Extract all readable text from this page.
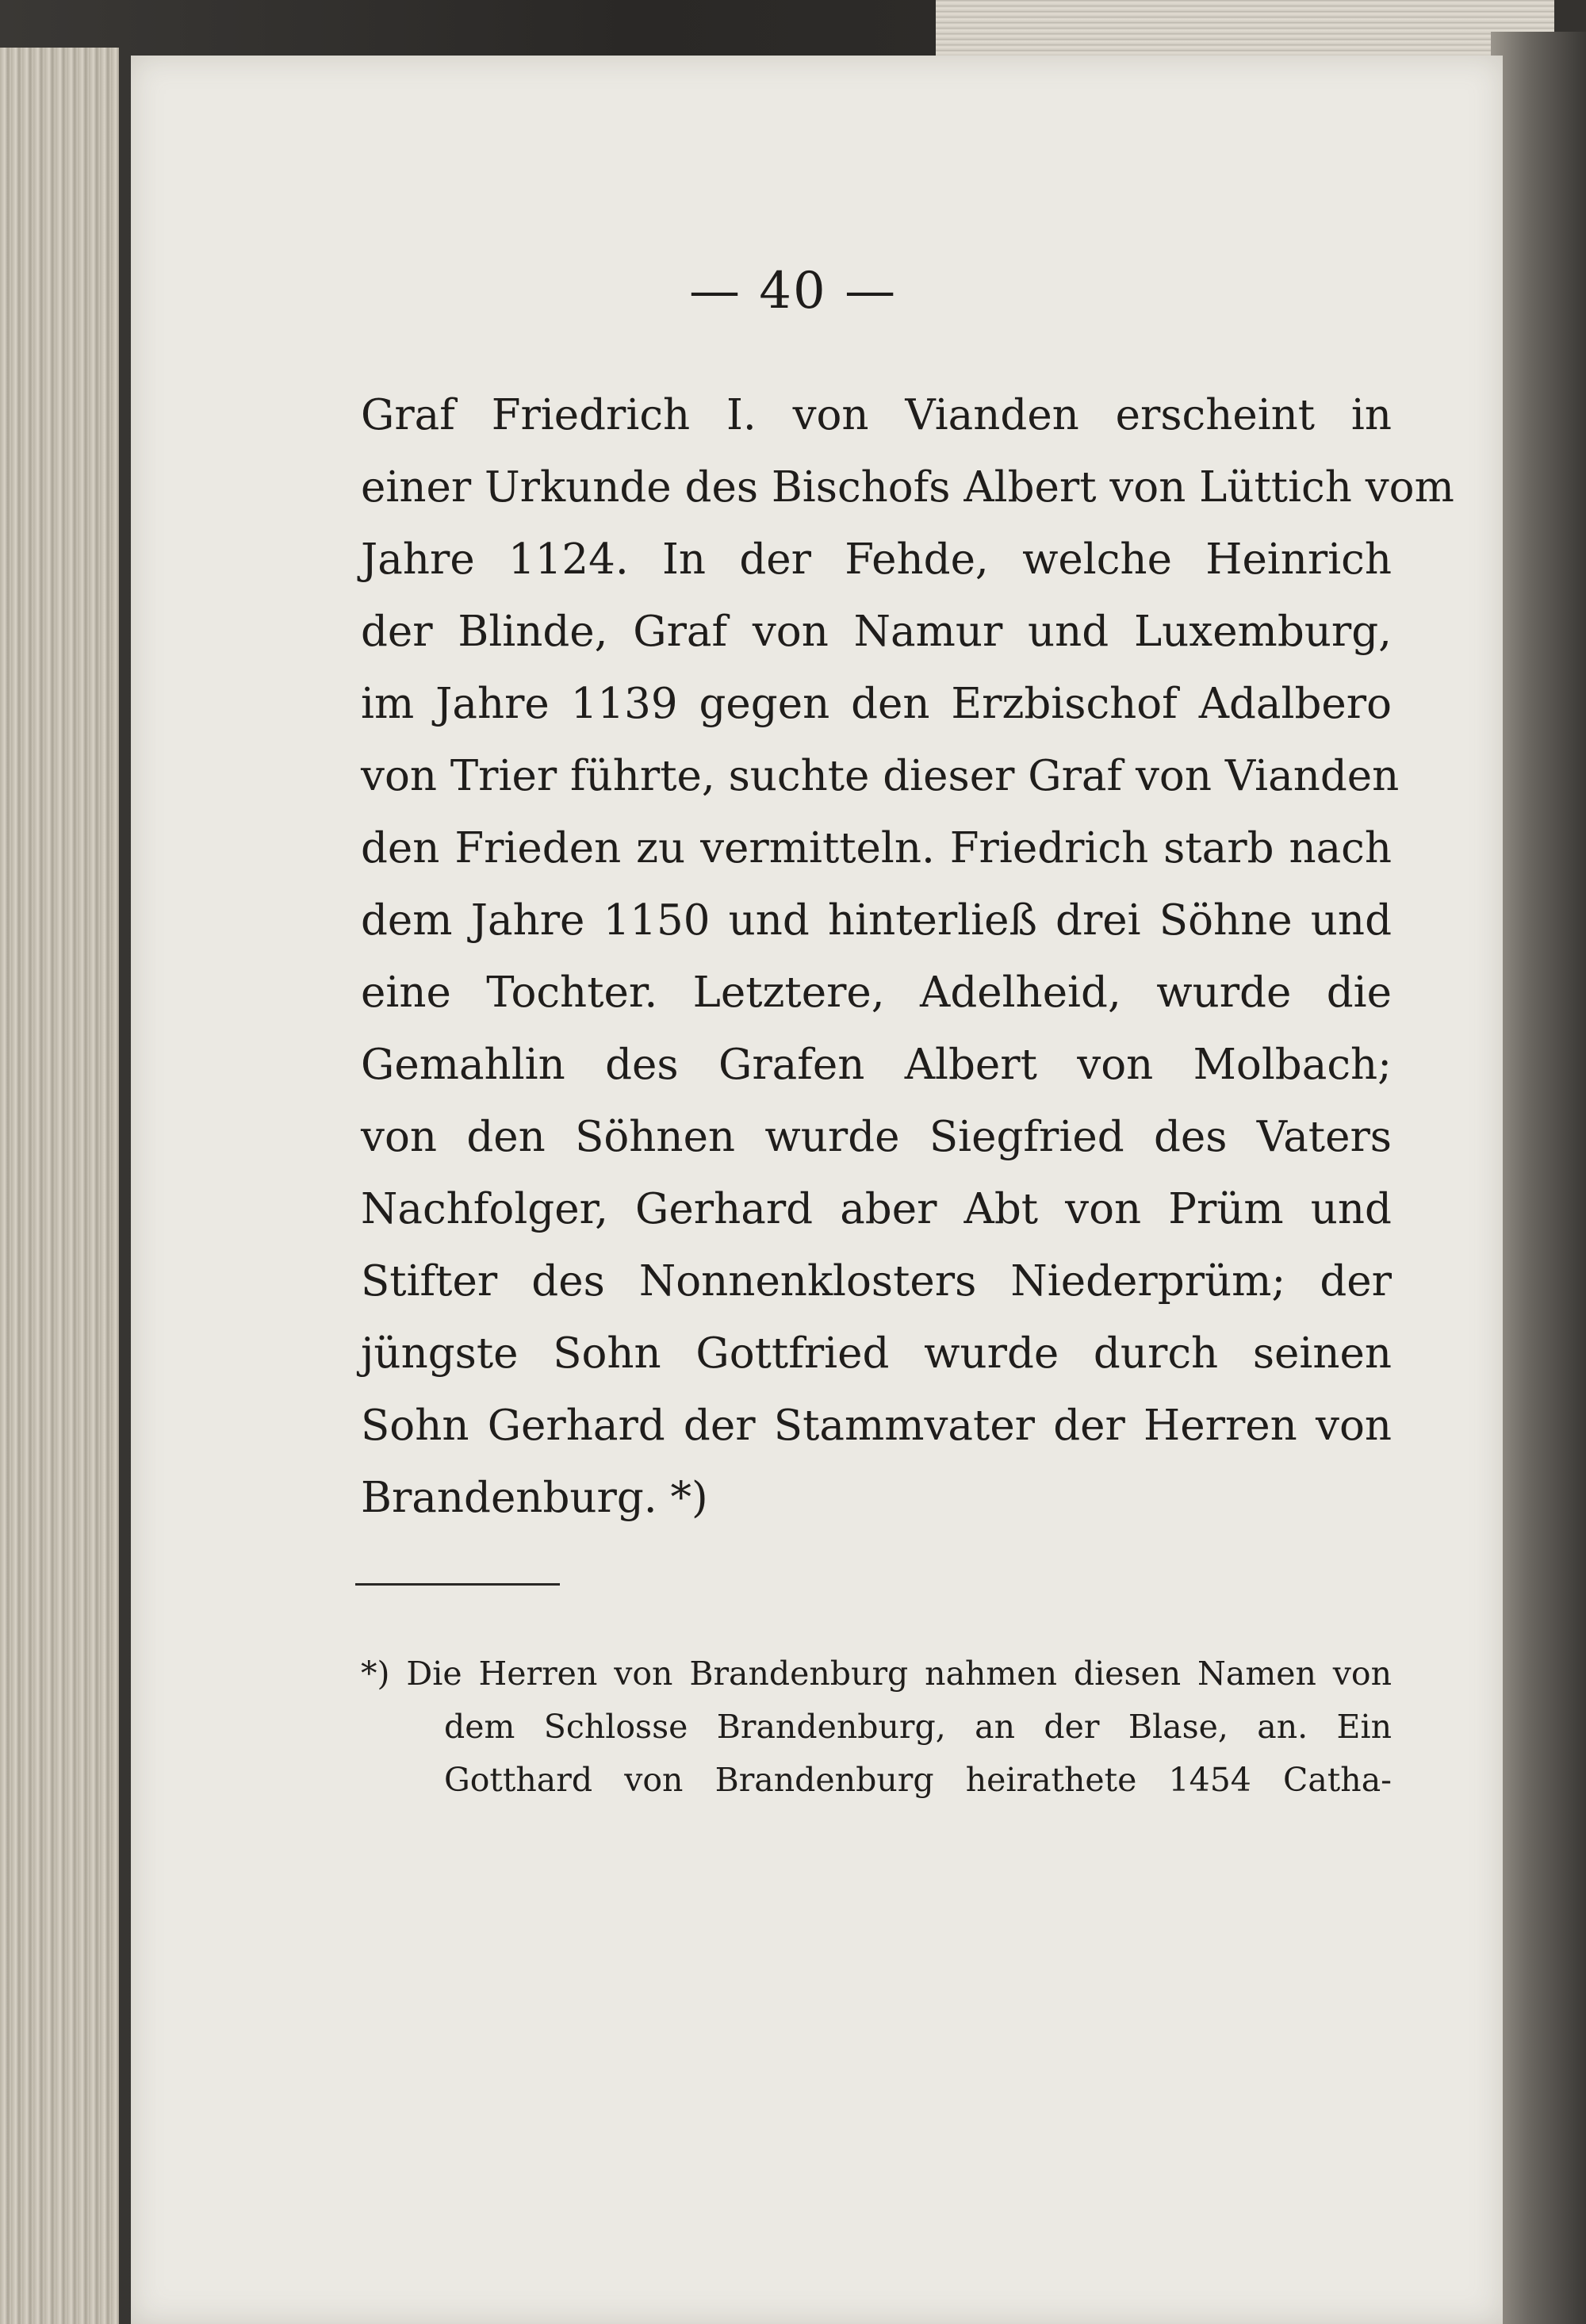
— 40 —
Graf Friedrich I. von Vianden erscheint in
einer Urkunde des Bischofs Albert von Lüttich vom
Jahre 1124. In der Fehde, welche Heinrich
der Blinde, Graf von Namur und Luxemburg,
im Jahre 1139 gegen den Erzbischof Adalbero
von Trier führte, suchte dieser Graf von Vianden
den Frieden zu vermitteln. Friedrich starb nach
dem Jahre 1150 und hinterließ drei Söhne und
eine Tochter. Letztere, Adelheid, wurde die
Gemahlin des Grafen Albert von Molbach;
von den Söhnen wurde Siegfried des Vaters
Nachfolger, Gerhard aber Abt von Prüm und
Stifter des Nonnenklosters Niederprüm; der
jüngste Sohn Gottfried wurde durch seinen
Sohn Gerhard der Stammvater der Herren von
Brandenburg. *)
*) Die Herren von Brandenburg nahmen diesen Namen von
dem Schlosse Brandenburg, an der Blase, an. Ein
Gotthard von Brandenburg heirathete 1454 Catha-
